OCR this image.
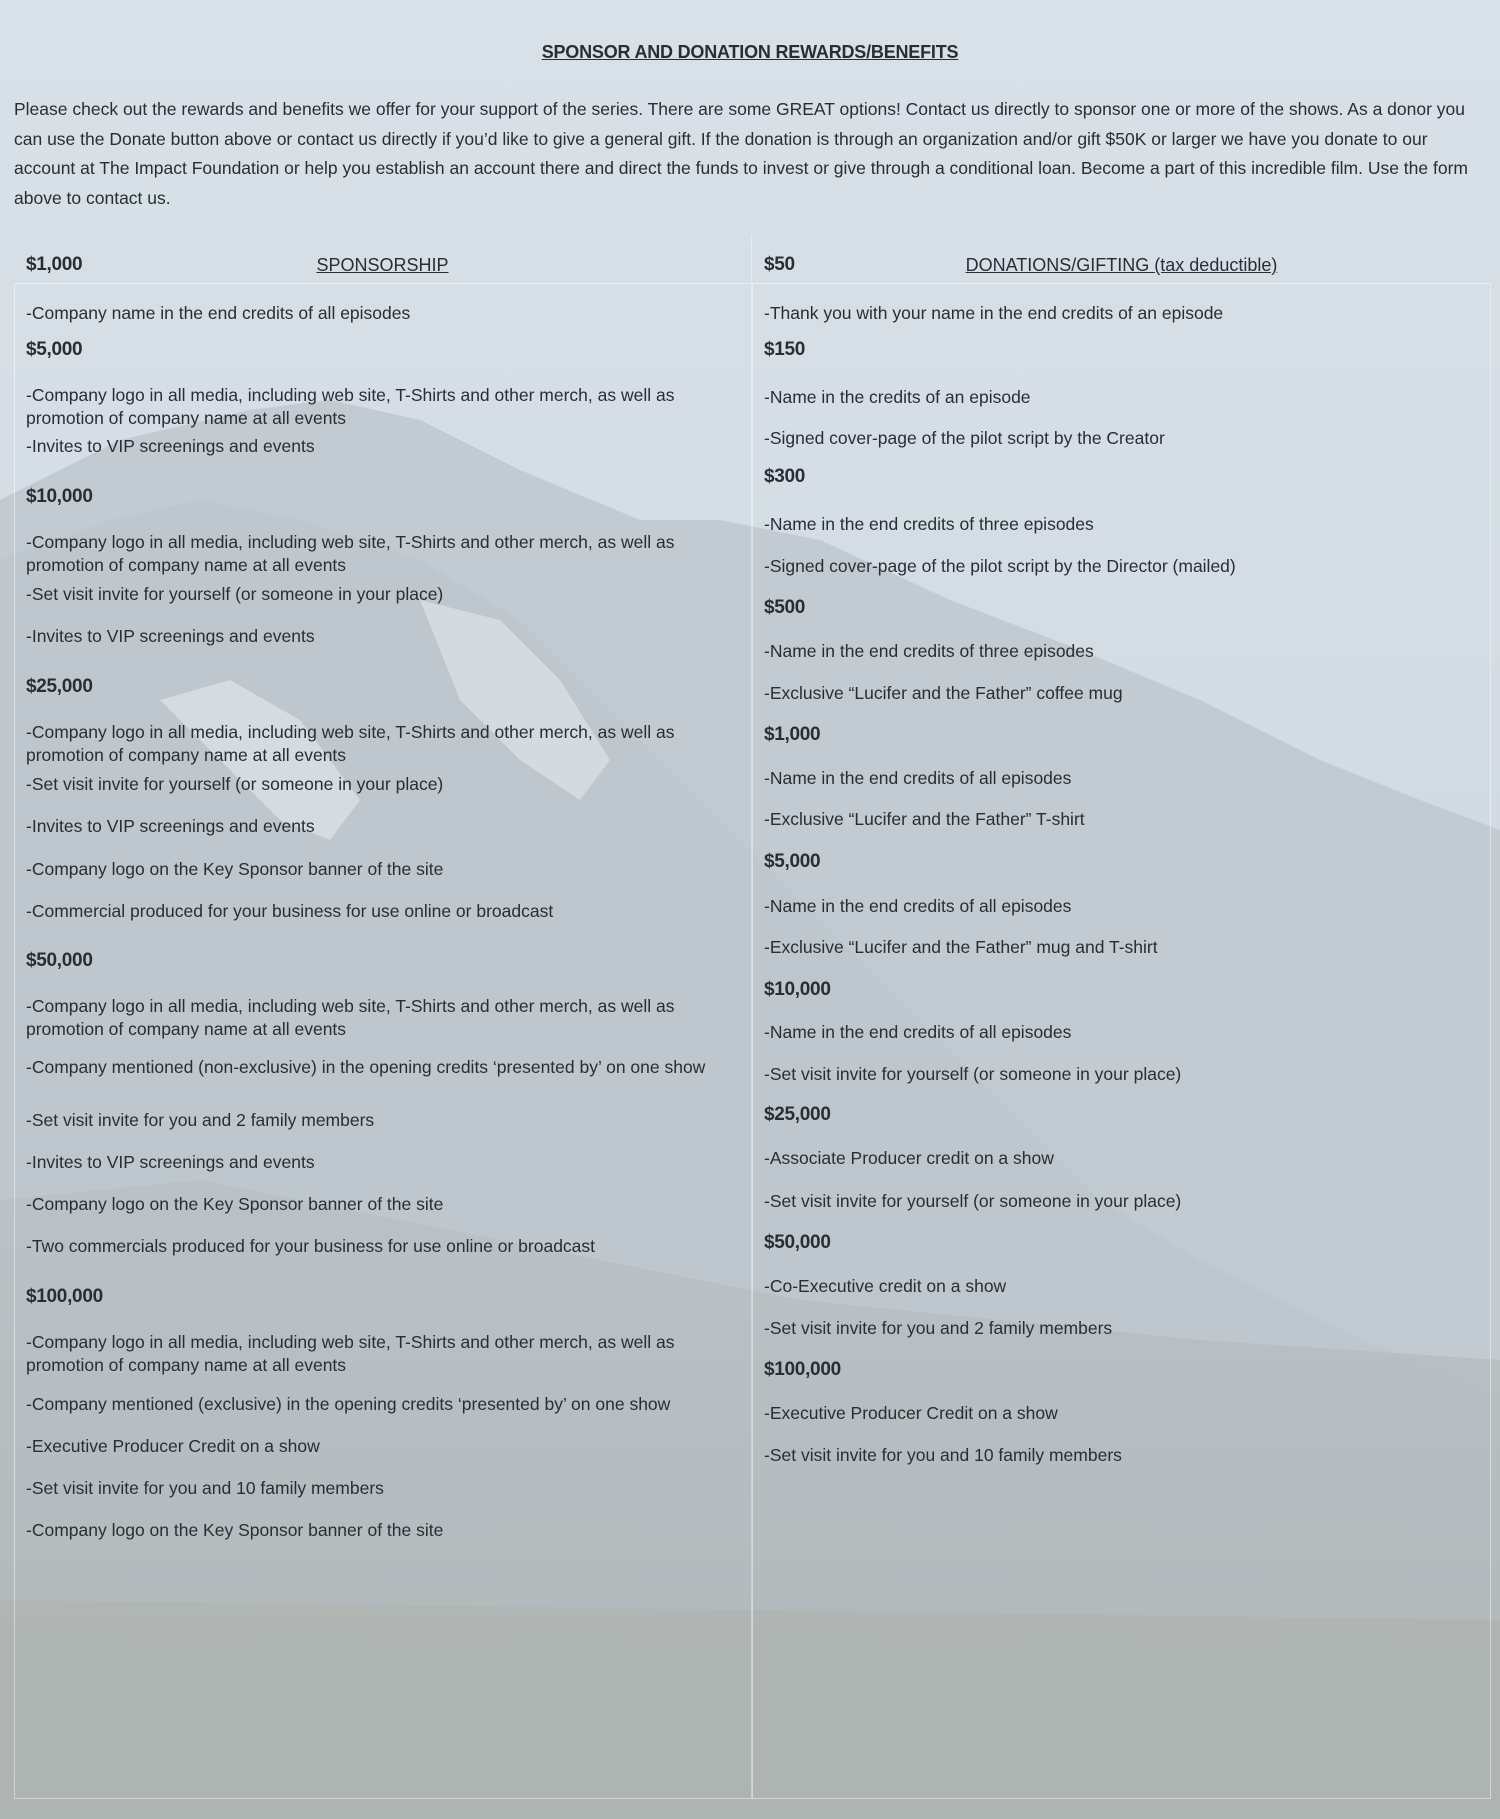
SPONSOR AND DONATION REWARDS/BENEFITS

Please check out the rewards and benefits we offer for your support of the series. There are some GREAT options! Contact us directly to sponsor one or more of the shows. As a donor you can use the Donate button above or contact us directly if you’d like to give a general gift. If the donation is through an organization and/or gift $50K or larger we have you donate to our account at The Impact Foundation or help you establish an account there and direct the funds to invest or give through a conditional loan. Become a part of this incredible film. Use the form above to contact us.

SPONSORSHIP

$1,000

-Company name in the end credits of all episodes

$5,000

-Company logo in all media, including web site, T-Shirts and other merch, as well as promotion of company name at all events

-Invites to VIP screenings and events

$10,000

-Company logo in all media, including web site, T-Shirts and other merch, as well as promotion of company name at all events

-Set visit invite for yourself (or someone in your place)

-Invites to VIP screenings and events

$25,000

-Company logo in all media, including web site, T-Shirts and other merch, as well as promotion of company name at all events

-Set visit invite for yourself (or someone in your place)

-Invites to VIP screenings and events

-Company logo on the Key Sponsor banner of the site

-Commercial produced for your business for use online or broadcast

$50,000

-Company logo in all media, including web site, T-Shirts and other merch, as well as promotion of company name at all events

-Company mentioned (non-exclusive) in the opening credits ‘presented by’ on one show

-Set visit invite for you and 2 family members

-Invites to VIP screenings and events

-Company logo on the Key Sponsor banner of the site

-Two commercials produced for your business for use online or broadcast

$100,000

-Company logo in all media, including web site, T-Shirts and other merch, as well as promotion of company name at all events

-Company mentioned (exclusive) in the opening credits ‘presented by’ on one show

-Executive Producer Credit on a show

-Set visit invite for you and 10 family members

-Company logo on the Key Sponsor banner of the site

DONATIONS/GIFTING (tax deductible)

$50

-Thank you with your name in the end credits of an episode

$150

-Name in the credits of an episode

-Signed cover-page of the pilot script by the Creator

$300

-Name in the end credits of three episodes

-Signed cover-page of the pilot script by the Director (mailed)

$500

-Name in the end credits of three episodes

-Exclusive “Lucifer and the Father” coffee mug

$1,000

-Name in the end credits of all episodes

-Exclusive “Lucifer and the Father” T-shirt

$5,000

-Name in the end credits of all episodes

-Exclusive “Lucifer and the Father” mug and T-shirt

$10,000

-Name in the end credits of all episodes

-Set visit invite for yourself (or someone in your place)

$25,000

-Associate Producer credit on a show

-Set visit invite for yourself (or someone in your place)

$50,000

-Co-Executive credit on a show

-Set visit invite for you and 2 family members

$100,000

-Executive Producer Credit on a show

-Set visit invite for you and 10 family members
